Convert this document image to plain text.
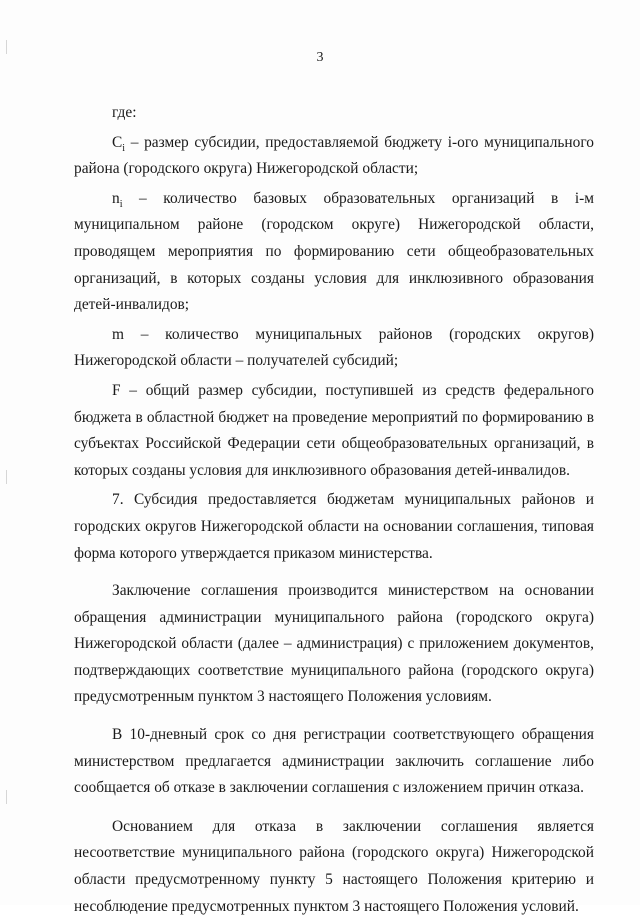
3

где:

$C_i$ – размер субсидии, предоставляемой бюджету i-ого муниципального района (городского округа) Нижегородской области;

$n_i$ – количество базовых образовательных организаций в i-м муниципальном районе (городском округе) Нижегородской области, проводящем мероприятия по формированию сети общеобразовательных организаций, в которых созданы условия для инклюзивного образования детей-инвалидов;

m – количество муниципальных районов (городских округов) Нижегородской области – получателей субсидий;

F – общий размер субсидии, поступившей из средств федерального бюджета в областной бюджет на проведение мероприятий по формированию в субъектах Российской Федерации сети общеобразовательных организаций, в которых созданы условия для инклюзивного образования детей-инвалидов.

7. Субсидия предоставляется бюджетам муниципальных районов и городских округов Нижегородской области на основании соглашения, типовая форма которого утверждается приказом министерства.

Заключение соглашения производится министерством на основании обращения администрации муниципального района (городского округа) Нижегородской области (далее – администрация) с приложением документов, подтверждающих соответствие муниципального района (городского округа) предусмотренным пунктом 3 настоящего Положения условиям.

В 10-дневный срок со дня регистрации соответствующего обращения министерством предлагается администрации заключить соглашение либо сообщается об отказе в заключении соглашения с изложением причин отказа.

Основанием для отказа в заключении соглашения является несоответствие муниципального района (городского округа) Нижегородской области предусмотренному пункту 5 настоящего Положения критерию и несоблюдение предусмотренных пунктом 3 настоящего Положения условий.
